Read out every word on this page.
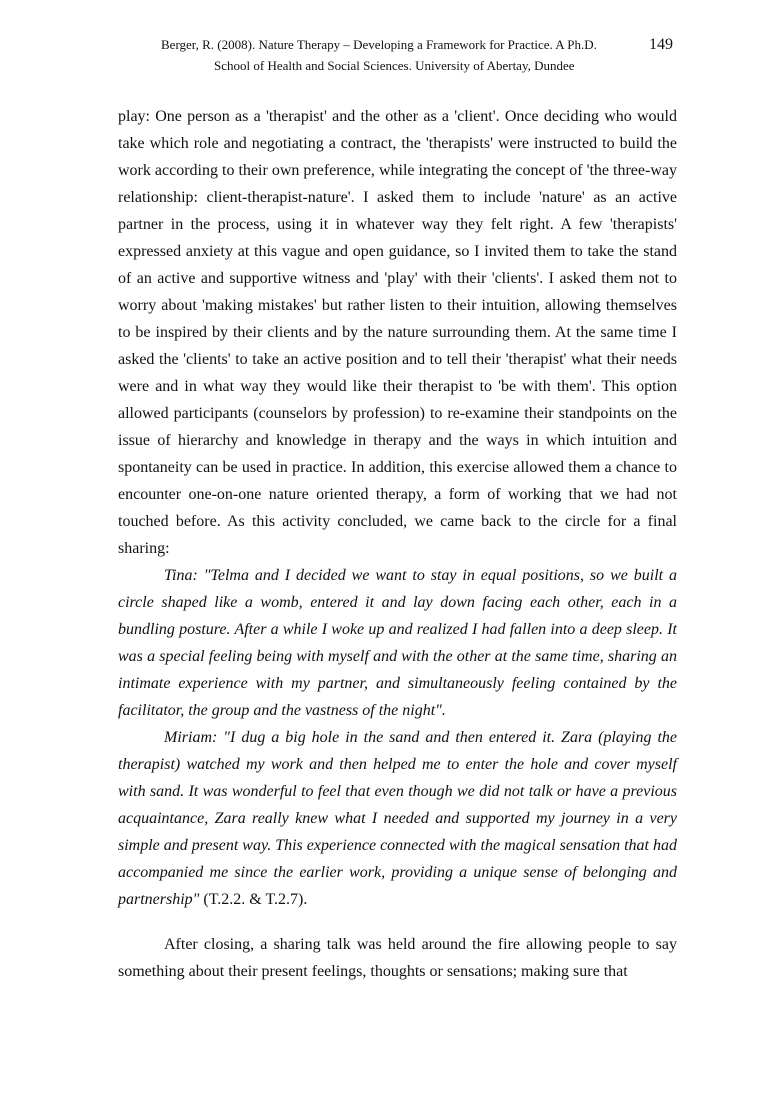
Berger, R. (2008). Nature Therapy – Developing a Framework for Practice. A Ph.D.	149
School of Health and Social Sciences. University of Abertay, Dundee

play: One person as a 'therapist' and the other as a 'client'. Once deciding who would take which role and negotiating a contract, the 'therapists' were instructed to build the work according to their own preference, while integrating the concept of 'the three-way relationship: client-therapist-nature'. I asked them to include 'nature' as an active partner in the process, using it in whatever way they felt right. A few 'therapists' expressed anxiety at this vague and open guidance, so I invited them to take the stand of an active and supportive witness and 'play' with their 'clients'. I asked them not to worry about 'making mistakes' but rather listen to their intuition, allowing themselves to be inspired by their clients and by the nature surrounding them. At the same time I asked the 'clients' to take an active position and to tell their 'therapist' what their needs were and in what way they would like their therapist to 'be with them'. This option allowed participants (counselors by profession) to re-examine their standpoints on the issue of hierarchy and knowledge in therapy and the ways in which intuition and spontaneity can be used in practice. In addition, this exercise allowed them a chance to encounter one-on-one nature oriented therapy, a form of working that we had not touched before. As this activity concluded, we came back to the circle for a final sharing:

Tina: "Telma and I decided we want to stay in equal positions, so we built a circle shaped like a womb, entered it and lay down facing each other, each in a bundling posture. After a while I woke up and realized I had fallen into a deep sleep. It was a special feeling being with myself and with the other at the same time, sharing an intimate experience with my partner, and simultaneously feeling contained by the facilitator, the group and the vastness of the night".

Miriam: "I dug a big hole in the sand and then entered it. Zara (playing the therapist) watched my work and then helped me to enter the hole and cover myself with sand. It was wonderful to feel that even though we did not talk or have a previous acquaintance, Zara really knew what I needed and supported my journey in a very simple and present way. This experience connected with the magical sensation that had accompanied me since the earlier work, providing a unique sense of belonging and partnership" (T.2.2. & T.2.7).

After closing, a sharing talk was held around the fire allowing people to say something about their present feelings, thoughts or sensations; making sure that
